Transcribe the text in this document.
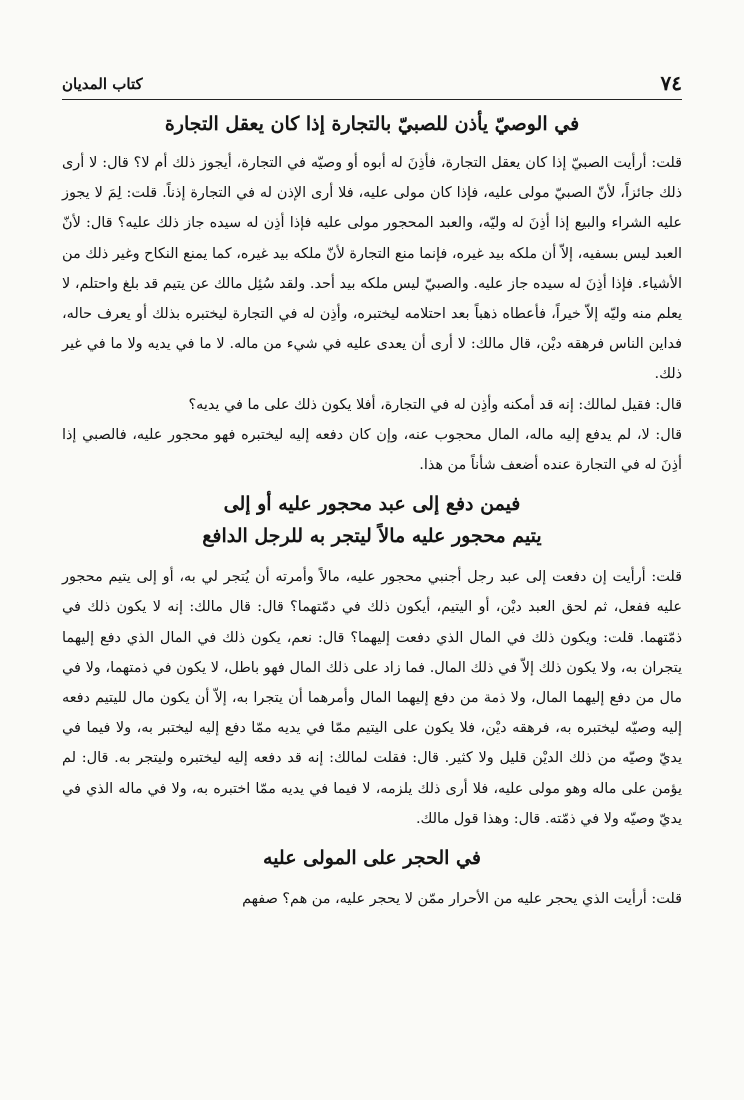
٧٤
كتاب المديان
في الوصيّ يأذن للصبيّ بالتجارة إذا كان يعقل التجارة

قلت: أرأيت الصبيّ إذا كان يعقل التجارة، فأذِنَ له أبوه أو وصيّه في التجارة، أيجوز ذلك أم لا؟ قال: لا أرى ذلك جائزاً، لأنّ الصبيّ مولى عليه، فإذا كان مولى عليه، فلا أرى الإذن له في التجارة إذناً. قلت: لِمَ لا يجوز عليه الشراء والبيع إذا أذِنَ له وليّه، والعبد المحجور مولى عليه فإذا أذِن له سيده جاز ذلك عليه؟ قال: لأنّ العبد ليس بسفيه، إلاّ أن ملكه بيد غيره، فإنما منع التجارة لأنّ ملكه بيد غيره، كما يمنع النكاح وغير ذلك من الأشياء. فإذا أذِنَ له سيده جاز عليه. والصبيّ ليس ملكه بيد أحد. ولقد سُئِل مالك عن يتيم قد بلغ واحتلم، لا يعلم منه وليّه إلاّ خيراً، فأعطاه ذهباً بعد احتلامه ليختبره، وأذِن له في التجارة ليختبره بذلك أو يعرف حاله، فداين الناس فرهقه ديْن، قال مالك: لا أرى أن يعدى عليه في شيء من ماله. لا ما في يديه ولا ما في غير ذلك.

قال: فقيل لمالك: إنه قد أمكنه وأذِن له في التجارة، أفلا يكون ذلك على ما في يديه؟

قال: لا، لم يدفع إليه ماله، المال محجوب عنه، وإن كان دفعه إليه ليختبره فهو محجور عليه، فالصبي إذا أذِنَ له في التجارة عنده أضعف شأناً من هذا.

فيمن دفع إلى عبد محجور عليه أو إلى
يتيم محجور عليه مالاً ليتجر به للرجل الدافع

قلت: أرأيت إن دفعت إلى عبد رجل أجنبي محجور عليه، مالاً وأمرته أن يُتجر لي به، أو إلى يتيم محجور عليه ففعل، ثم لحق العبد ديْن، أو اليتيم، أيكون ذلك في دمّتهما؟ قال: قال مالك: إنه لا يكون ذلك في ذمّتهما. قلت: ويكون ذلك في المال الذي دفعت إليهما؟ قال: نعم، يكون ذلك في المال الذي دفع إليهما يتجران به، ولا يكون ذلك إلاّ في ذلك المال. فما زاد على ذلك المال فهو باطل، لا يكون في ذمتهما، ولا في مال من دفع إليهما المال، ولا ذمة من دفع إليهما المال وأمرهما أن يتجرا به، إلاّ أن يكون مال لليتيم دفعه إليه وصيّه ليختبره به، فرهقه ديْن، فلا يكون على اليتيم ممّا في يديه ممّا دفع إليه ليختبر به، ولا فيما في يديّ وصيّه من ذلك الديْن قليل ولا كثير. قال: فقلت لمالك: إنه قد دفعه إليه ليختبره وليتجر به. قال: لم يؤمن على ماله وهو مولى عليه، فلا أرى ذلك يلزمه، لا فيما في يديه ممّا اختبره به، ولا في ماله الذي في يديّ وصيّه ولا في ذمّته. قال: وهذا قول مالك.

في الحجر على المولى عليه

قلت: أرأيت الذي يحجر عليه من الأحرار ممّن لا يحجر عليه، من هم؟ صفهم
